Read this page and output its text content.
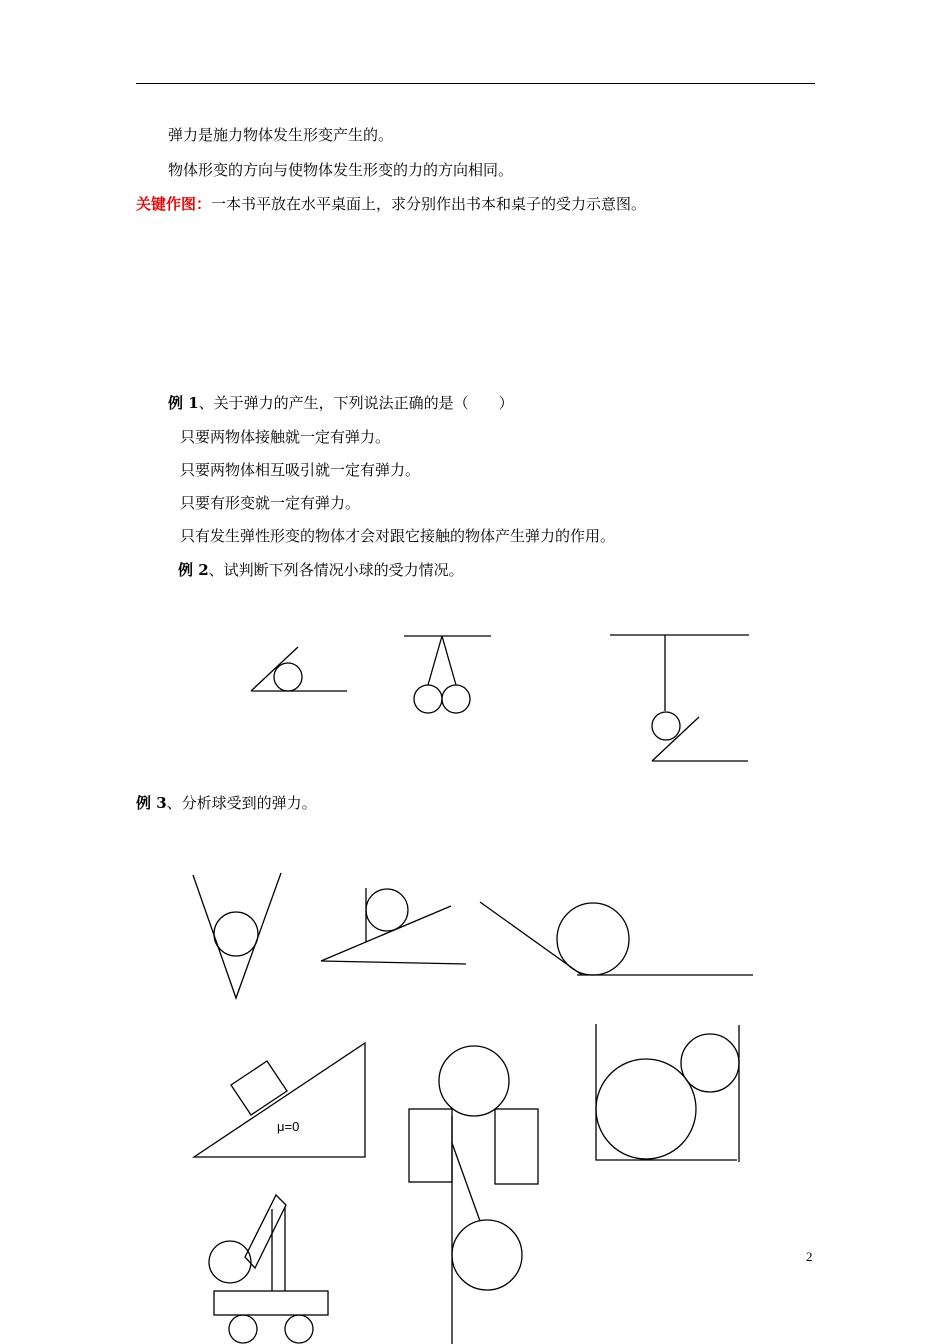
弹力是施力物体发生形变产生的。
物体形变的方向与使物体发生形变的力的方向相同。
关键作图：一本书平放在水平桌面上，求分别作出书本和桌子的受力示意图。
例 1、关于弹力的产生，下列说法正确的是（　　）
只要两物体接触就一定有弹力。
只要两物体相互吸引就一定有弹力。
只要有形变就一定有弹力。
只有发生弹性形变的物体才会对跟它接触的物体产生弹力的作用。
例 2、试判断下列各情况小球的受力情况。
例 3、分析球受到的弹力。
μ=0
2
